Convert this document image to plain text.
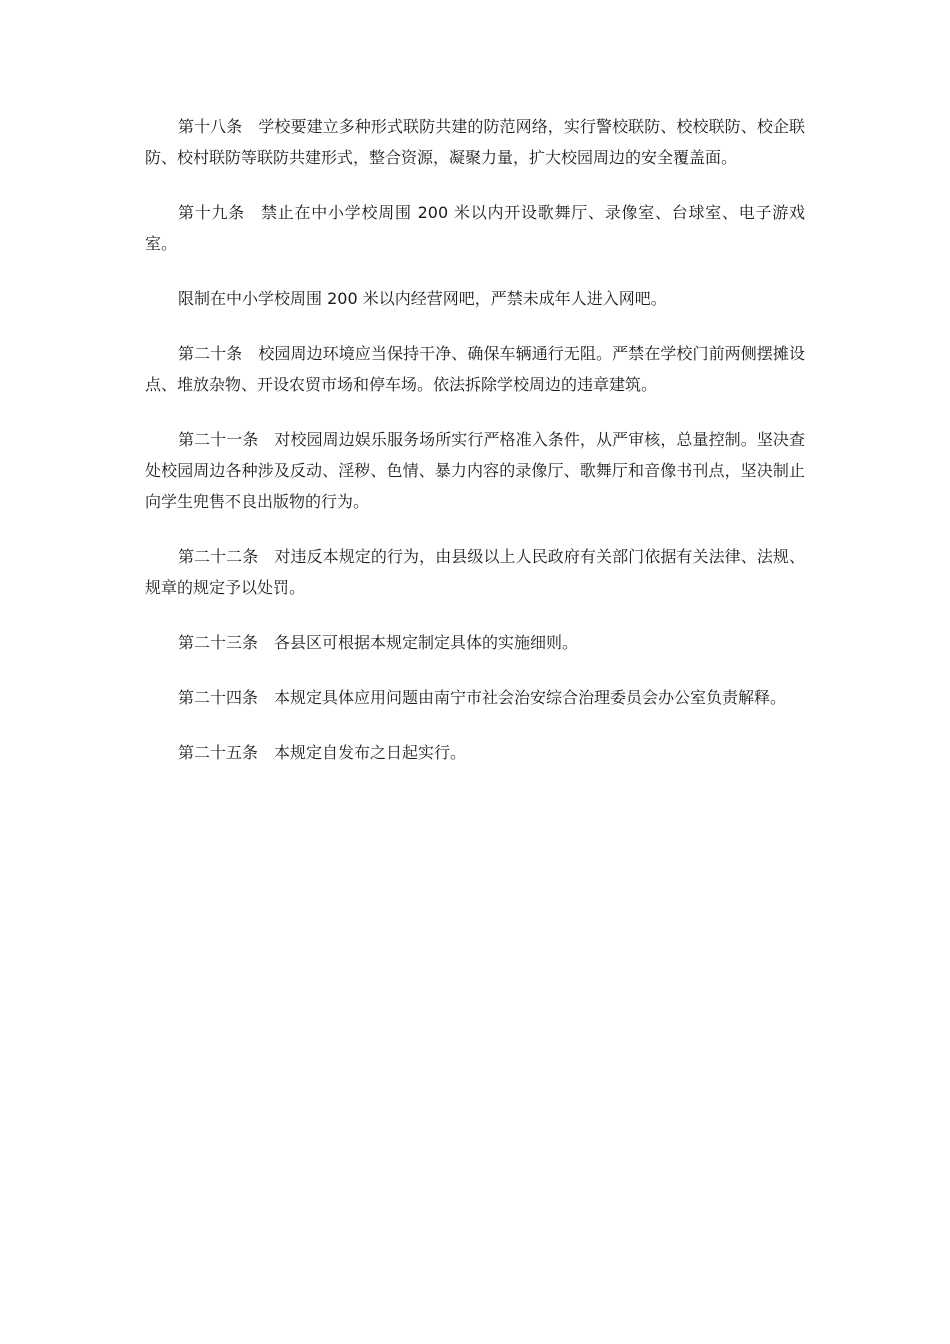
第十八条 学校要建立多种形式联防共建的防范网络，实行警校联防、校校联防、校企联防、校村联防等联防共建形式，整合资源，凝聚力量，扩大校园周边的安全覆盖面。

第十九条 禁止在中小学校周围 200 米以内开设歌舞厅、录像室、台球室、电子游戏室。

限制在中小学校周围 200 米以内经营网吧，严禁未成年人进入网吧。

第二十条 校园周边环境应当保持干净、确保车辆通行无阻。严禁在学校门前两侧摆摊设点、堆放杂物、开设农贸市场和停车场。依法拆除学校周边的违章建筑。

第二十一条 对校园周边娱乐服务场所实行严格准入条件，从严审核，总量控制。坚决查处校园周边各种涉及反动、淫秽、色情、暴力内容的录像厅、歌舞厅和音像书刊点，坚决制止向学生兜售不良出版物的行为。

第二十二条 对违反本规定的行为，由县级以上人民政府有关部门依据有关法律、法规、规章的规定予以处罚。

第二十三条 各县区可根据本规定制定具体的实施细则。

第二十四条 本规定具体应用问题由南宁市社会治安综合治理委员会办公室负责解释。

第二十五条 本规定自发布之日起实行。
